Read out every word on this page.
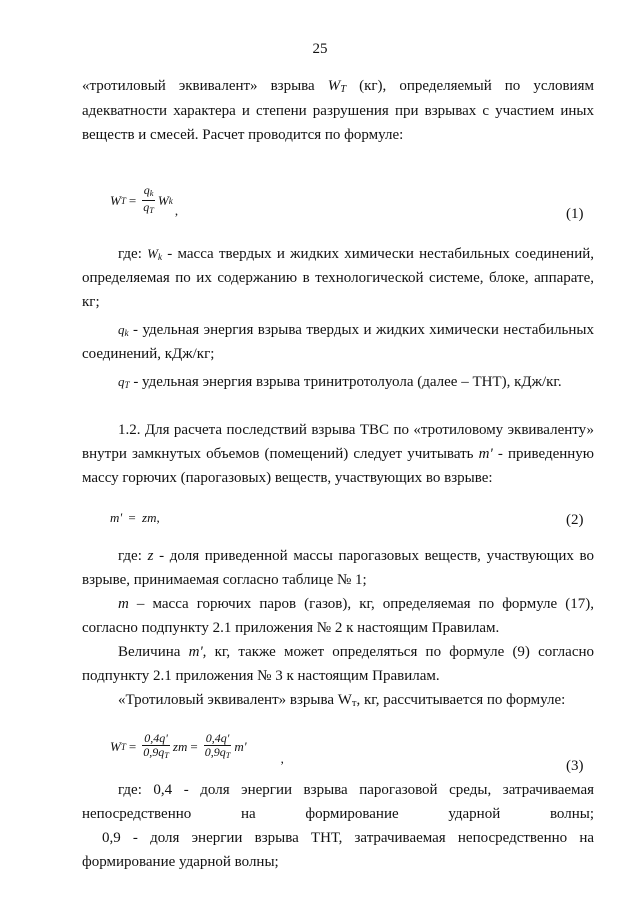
25
«тротиловый эквивалент» взрыва $W_T$ (кг), определяемый по условиям
адекватности характера и степени разрушения при взрывах с участием иных
веществ и смесей. Расчет проводится по формуле:
W $T = \frac{q_k}{q_T}$ W k
,	(1)
где: $W_k$ - масса твердых и жидких химически нестабильных соединений,
определяемая по их содержанию в технологической системе, блоке, аппарате,
кг;
$q_k$ - удельная энергия взрыва твердых и жидких химически нестабильных
соединений, кДж/кг;
$q_T$ - удельная энергия взрыва тринитротолуола (далее – ТНТ), кДж/кг.
1.2. Для расчета последствий взрыва ТВС по «тротиловому эквиваленту»
внутри замкнутых объемов (помещений) следует учитывать m' - приведенную
массу горючих (парогазовых) веществ, участвующих во взрыве:
m' = zm,	(2)
где: z - доля приведенной массы парогазовых веществ, участвующих во
взрыве, принимаемая согласно таблице № 1;
m – масса горючих паров (газов), кг, определяемая по формуле (17),
согласно подпункту 2.1 приложения № 2 к настоящим Правилам.
Величина m', кг, также может определяться по формуле (9) согласно
подпункту 2.1 приложения № 3 к настоящим Правилам.
«Тротиловый эквивалент» взрыва $W_т$, кг, рассчитывается по формуле:
W $T = \frac{0,4q'}{0,9q_T}$ zm = $\frac{0,4q'}{0,9q_T} m'$
,	(3)
где: 0,4 - доля энергии взрыва парогазовой среды, затрачиваемая
непосредственно на формирование ударной волны;
0,9 - доля энергии взрыва ТНТ, затрачиваемая непосредственно на
формирование ударной волны;
